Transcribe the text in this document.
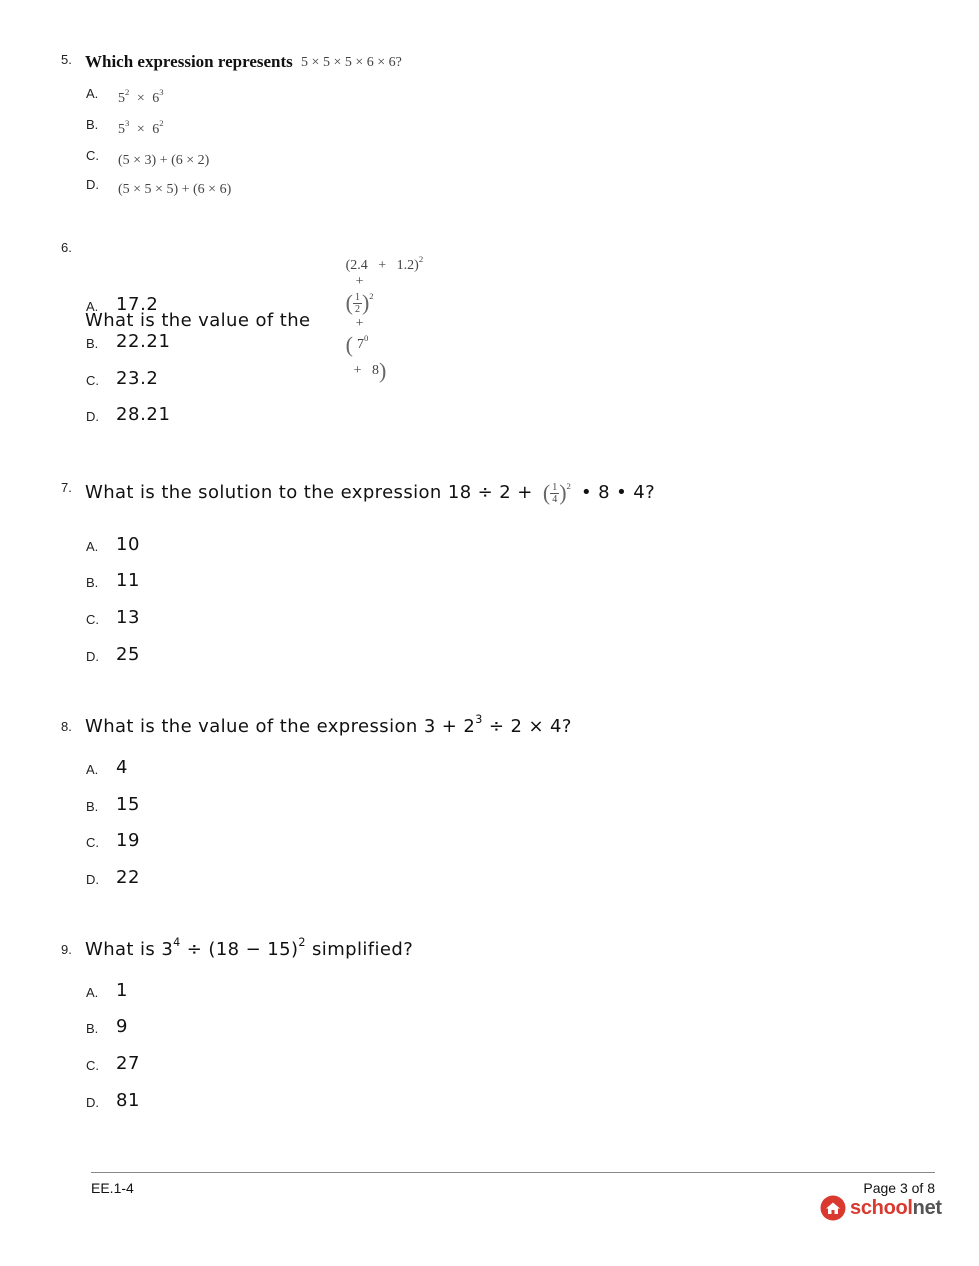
5. Which expression represents 5 × 5 × 5 × 6 × 6?
A. $5^2 \times 6^3$
B. $5^3 \times 6^2$
C. (5 × 3) + (6 × 2)
D. (5 × 5 × 5) + (6 × 6)
6.
What is the value of the
$(2.4 + 1.2)^2$
+
( $\frac{1}{2} )^2$
+
( $7^0$
+   8)

A. 17.2
B. 22.21
C. 23.2
D. 28.21
7. What is the solution to the expression 18 ÷ 2 + ( $\frac{1}{4} )^2$ • 8 • 4?
A. 10
B. 11
C. 13
D. 25
8. What is the value of the expression $3 + 2^3 \div 2 \times 4$?
A. 4
B. 15
C. 19
D. 22
9. What is $3^4 \div (18 - 15)^2$ simplified?
A. 1
B. 9
C. 27
D. 81
EE.1-4	Page 3 of 8
schoolnet
